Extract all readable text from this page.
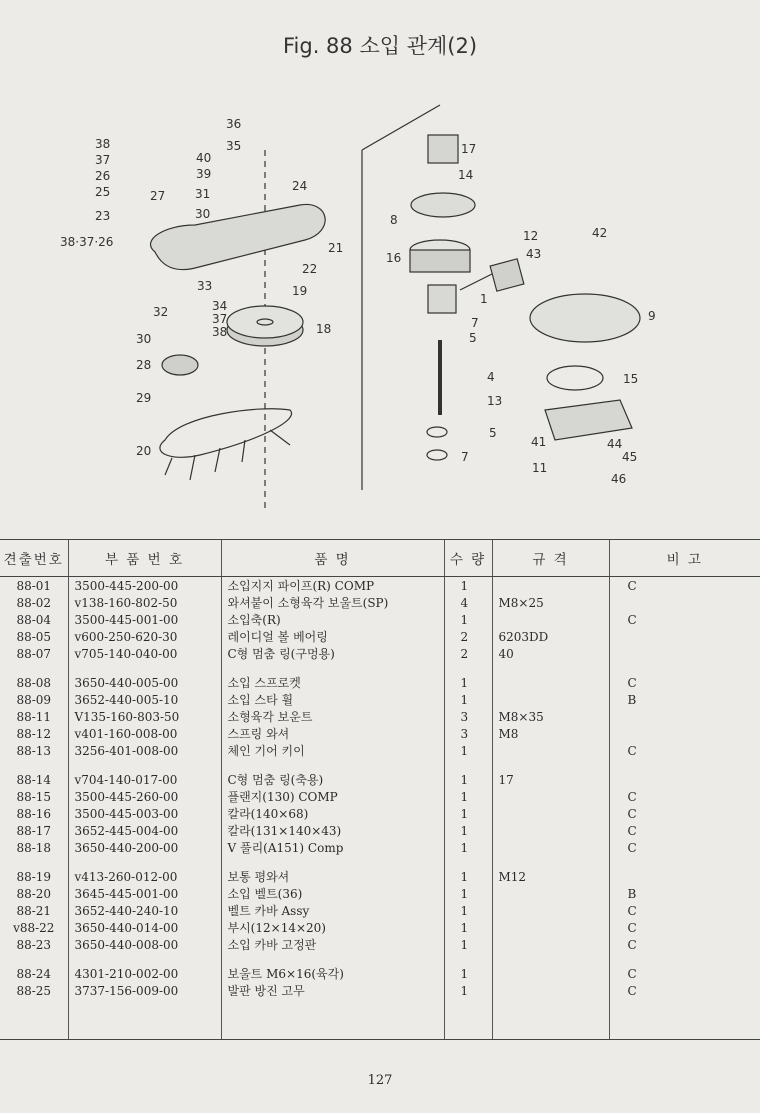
Fig. 88 소입 관계(2)
36
35
38
37
26
40
39
25	27 31
24
23	30
38·37·26	21
22
33	19
34
37
38
32
18
30
28
29
20
17
14
8
12	42
43
16
1
9
7
5
15
4
13
5
41	44
45
7
11
46
견출번호	부 품 번 호	품 명	수 량	규 격	비 고
88-01	3500-445-200-00	소입지지 파이프(R) COMP	1		C
88-02	v138-160-802-50	와셔붙이 소형육각 보울트(SP)	4	M8×25	
88-04	3500-445-001-00	소입축(R)	1		C
88-05	v600-250-620-30	레이디얼 볼 베어링	2	6203DD	
88-07	v705-140-040-00	C형 멈춤 링(구멍용)	2	40	

88-08	3650-440-005-00	소입 스프로켓	1		C
88-09	3652-440-005-10	소입 스타 휠	1		B
88-11	V135-160-803-50	소형육각 보운트	3	M8×35	
88-12	v401-160-008-00	스프링 와셔	3	M8	
88-13	3256-401-008-00	체인 기어 키이	1		C

88-14	v704-140-017-00	C형 멈춤 링(축용)	1	17	
88-15	3500-445-260-00	플랜지(130) COMP	1		C
88-16	3500-445-003-00	칼라(140×68)	1		C
88-17	3652-445-004-00	칼라(131×140×43)	1		C
88-18	3650-440-200-00	V 풀리(A151) Comp	1		C

88-19	v413-260-012-00	보통 평와셔	1	M12	
88-20	3645-445-001-00	소입 벨트(36)	1		B
88-21	3652-440-240-10	벨트 카바 Assy	1		C
v88-22	3650-440-014-00	부시(12×14×20)	1		C
88-23	3650-440-008-00	소입 카바 고정판	1		C

88-24	4301-210-002-00	보울트 M6×16(육각)	1		C
88-25	3737-156-009-00	발판 방진 고무	1		C

127
